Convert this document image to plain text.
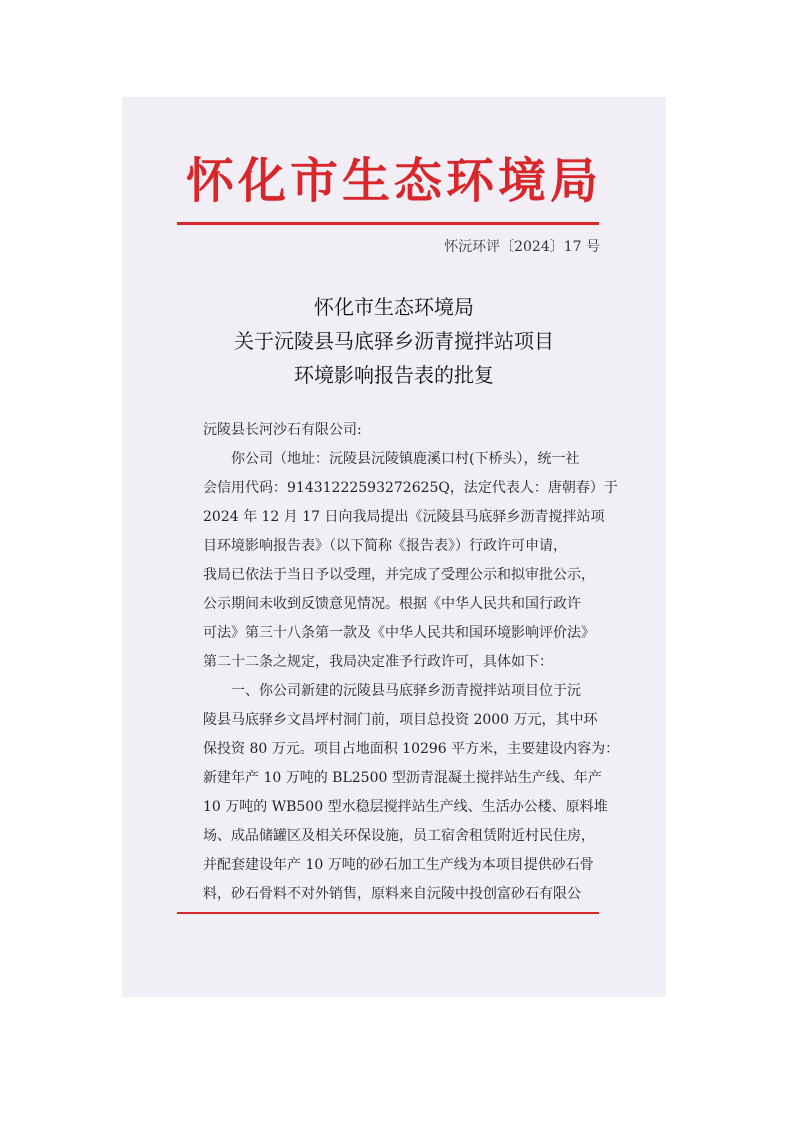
怀化市生态环境局
怀沅环评〔2024〕17 号
怀化市生态环境局
关于沅陵县马底驿乡沥青搅拌站项目
环境影响报告表的批复
沅陵县长河沙石有限公司:
　　你公司（地址：沅陵县沅陵镇鹿溪口村(下桥头），统一社
会信用代码：91431222593272625Q，法定代表人：唐朝春）于
2024 年 12 月 17 日向我局提出《沅陵县马底驿乡沥青搅拌站项
目环境影响报告表》（以下简称《报告表》）行政许可申请，
我局已依法于当日予以受理，并完成了受理公示和拟审批公示，
公示期间未收到反馈意见情况。根据《中华人民共和国行政许
可法》第三十八条第一款及《中华人民共和国环境影响评价法》
第二十二条之规定，我局决定准予行政许可，具体如下：
　　一、你公司新建的沅陵县马底驿乡沥青搅拌站项目位于沅
陵县马底驿乡文昌坪村洞门前，项目总投资 2000 万元，其中环
保投资 80 万元。项目占地面积 10296 平方米，主要建设内容为：
新建年产 10 万吨的 BL2500 型沥青混凝土搅拌站生产线、年产
10 万吨的 WB500 型水稳层搅拌站生产线、生活办公楼、原料堆
场、成品储罐区及相关环保设施，员工宿舍租赁附近村民住房，
并配套建设年产 10 万吨的砂石加工生产线为本项目提供砂石骨
料，砂石骨料不对外销售，原料来自沅陵中投创富砂石有限公
